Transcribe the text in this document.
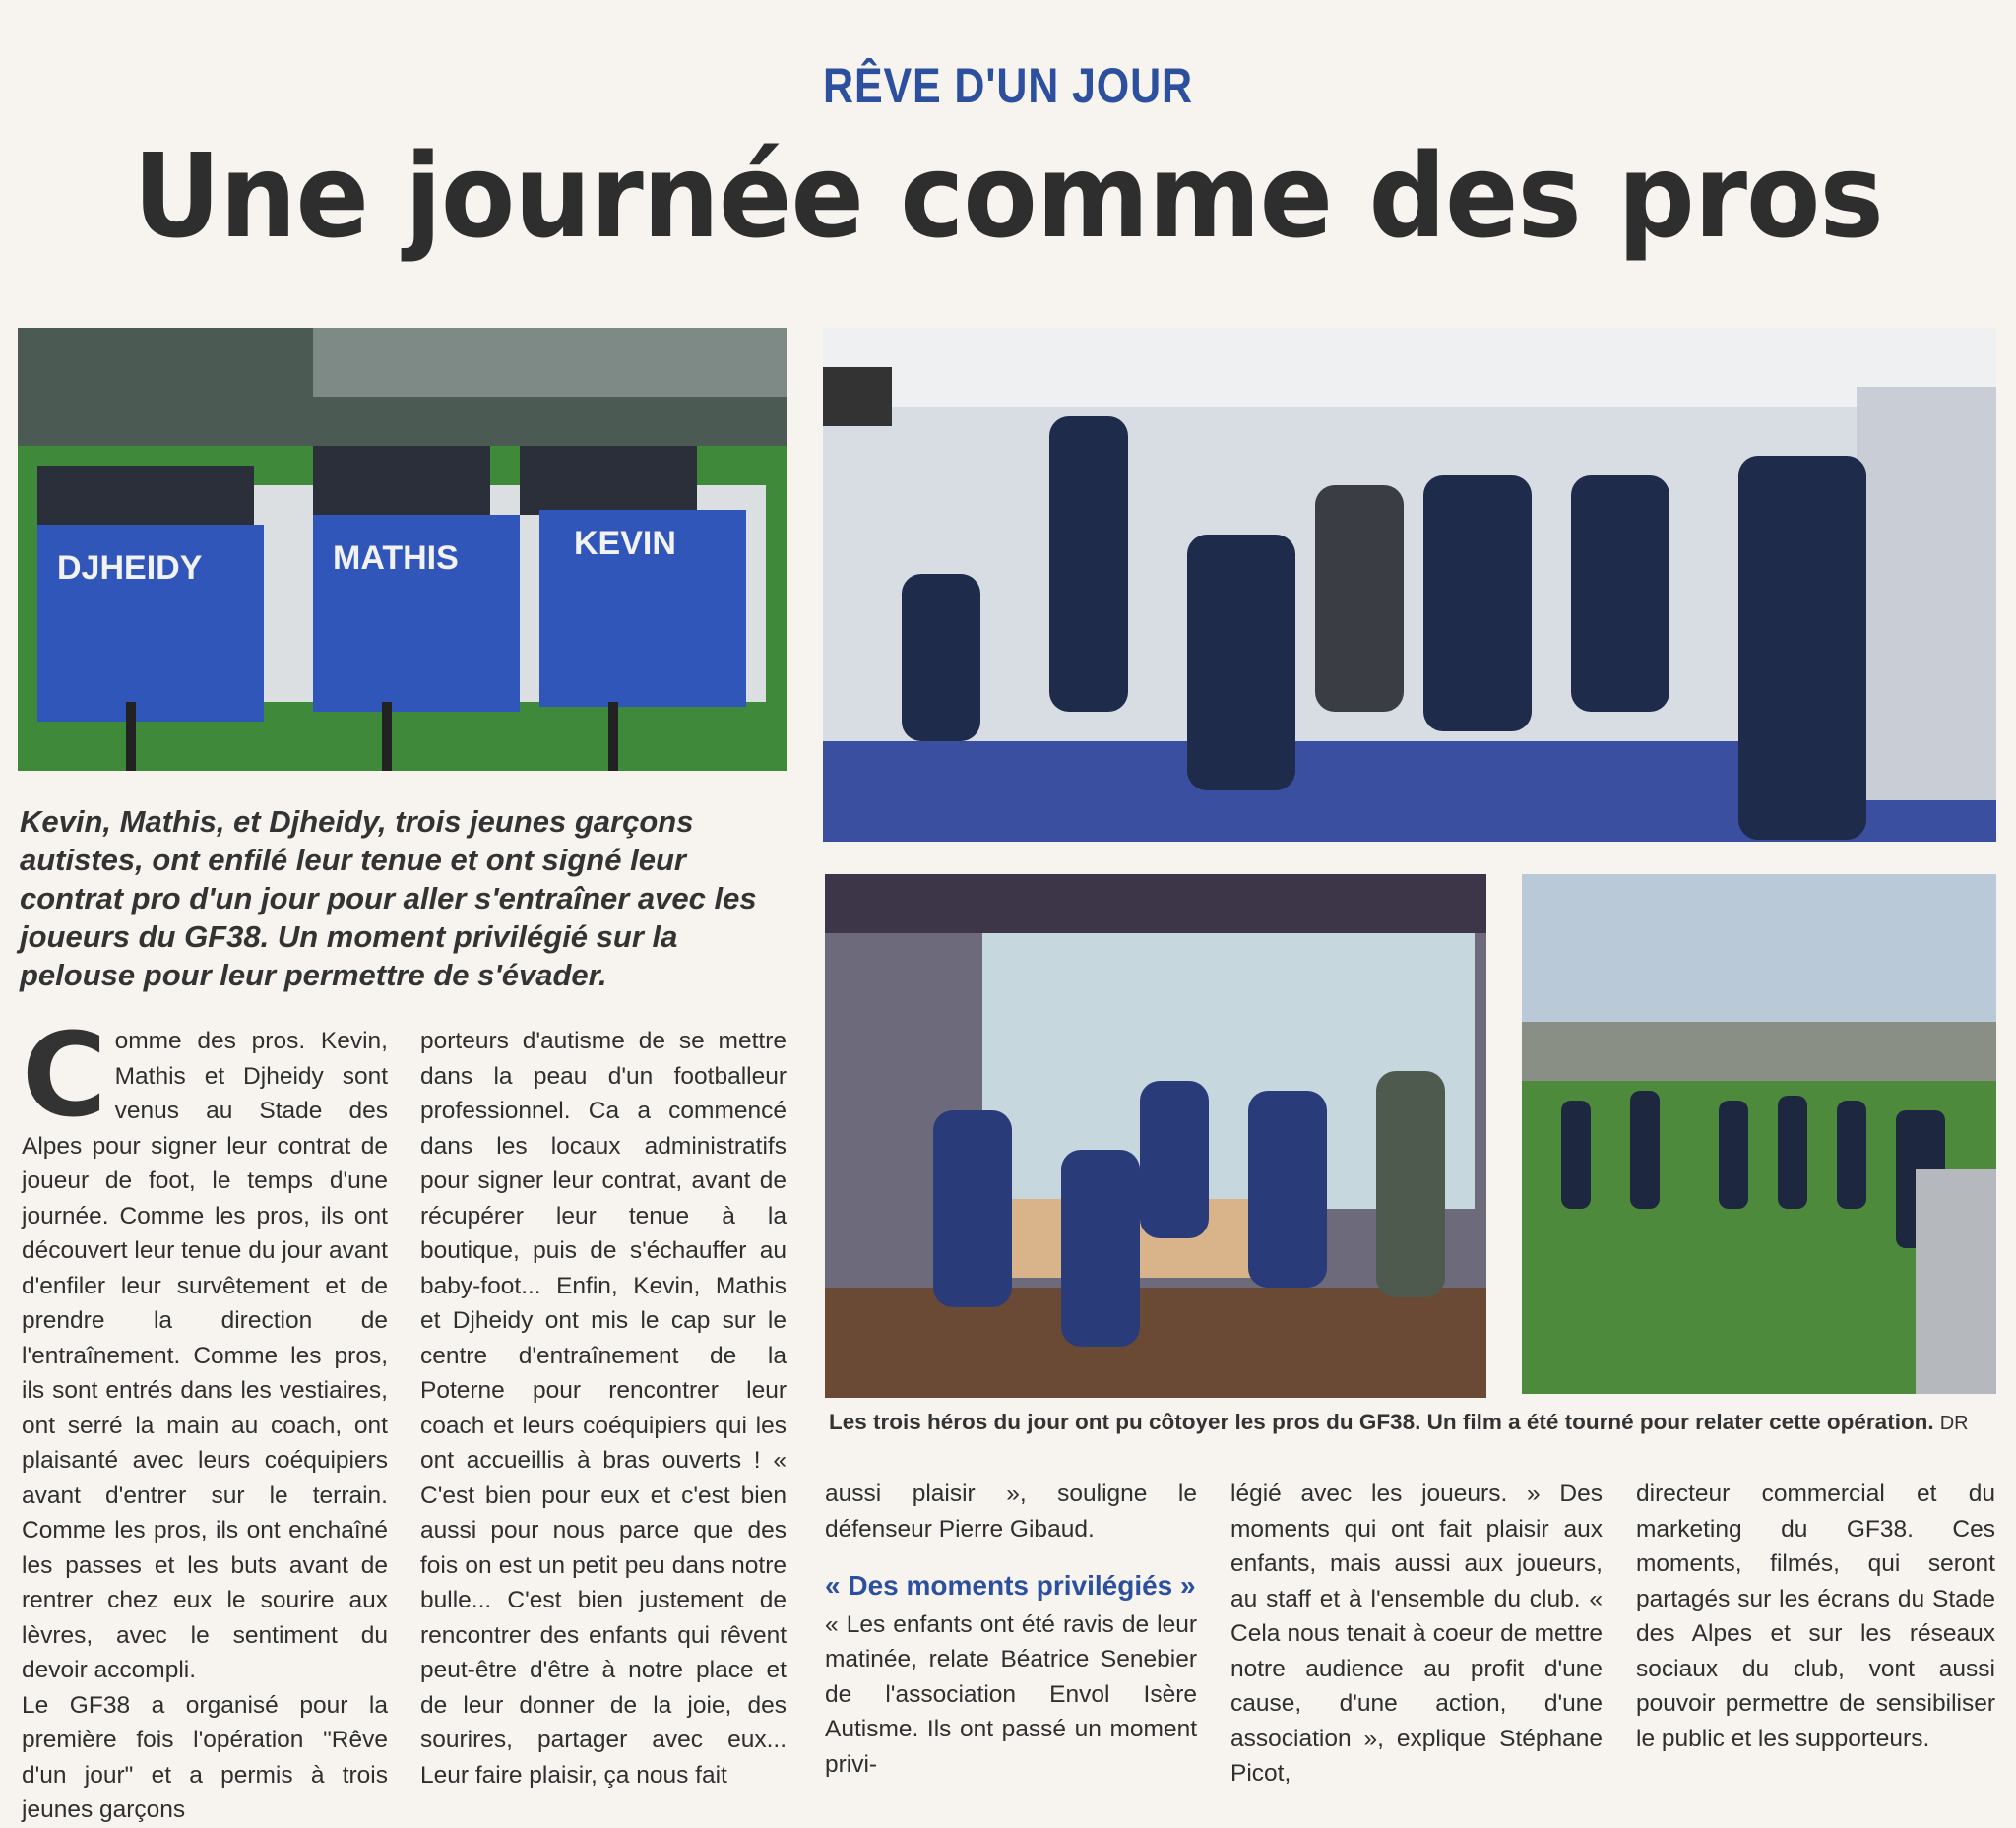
RÊVE D'UN JOUR
Une journée comme des pros
DJHEIDY	MATHIS	KEVIN
Kevin, Mathis, et Djheidy, trois jeunes garçons autistes, ont enfilé leur tenue et ont signé leur contrat pro d'un jour pour aller s'entraîner avec les joueurs du GF38. Un moment privilégié sur la pelouse pour leur permettre de s'évader.
Les trois héros du jour ont pu côtoyer les pros du GF38. Un film a été tourné pour relater cette opération. DR

Comme des pros. Kevin, Mathis et Djheidy sont venus au Stade des Alpes pour signer leur contrat de joueur de foot, le temps d'une journée. Comme les pros, ils ont découvert leur tenue du jour avant d'enfiler leur survêtement et de prendre la direction de l'entraînement. Comme les pros, ils sont entrés dans les vestiaires, ont serré la main au coach, ont plaisanté avec leurs coéquipiers avant d'entrer sur le terrain. Comme les pros, ils ont enchaîné les passes et les buts avant de rentrer chez eux le sourire aux lèvres, avec le sentiment du devoir accompli.

Le GF38 a organisé pour la première fois l'opération "Rêve d'un jour" et a permis à trois jeunes garçons

porteurs d'autisme de se mettre dans la peau d'un footballeur professionnel. Ca a commencé dans les locaux administratifs pour signer leur contrat, avant de récupérer leur tenue à la boutique, puis de s'échauffer au baby-foot... Enfin, Kevin, Mathis et Djheidy ont mis le cap sur le centre d'entraînement de la Poterne pour rencontrer leur coach et leurs coéquipiers qui les ont accueillis à bras ouverts ! « C'est bien pour eux et c'est bien aussi pour nous parce que des fois on est un petit peu dans notre bulle... C'est bien justement de rencontrer des enfants qui rêvent peut-être d'être à notre place et de leur donner de la joie, des sourires, partager avec eux... Leur faire plaisir, ça nous fait

aussi plaisir », souligne le défenseur Pierre Gibaud.

« Des moments privilégiés »

« Les enfants ont été ravis de leur matinée, relate Béatrice Senebier de l'association Envol Isère Autisme. Ils ont passé un moment privi-

légié avec les joueurs. » Des moments qui ont fait plaisir aux enfants, mais aussi aux joueurs, au staff et à l'ensemble du club. « Cela nous tenait à coeur de mettre notre audience au profit d'une cause, d'une action, d'une association », explique Stéphane Picot,

directeur commercial et du marketing du GF38. Ces moments, filmés, qui seront partagés sur les écrans du Stade des Alpes et sur les réseaux sociaux du club, vont aussi pouvoir permettre de sensibiliser le public et les supporteurs.
